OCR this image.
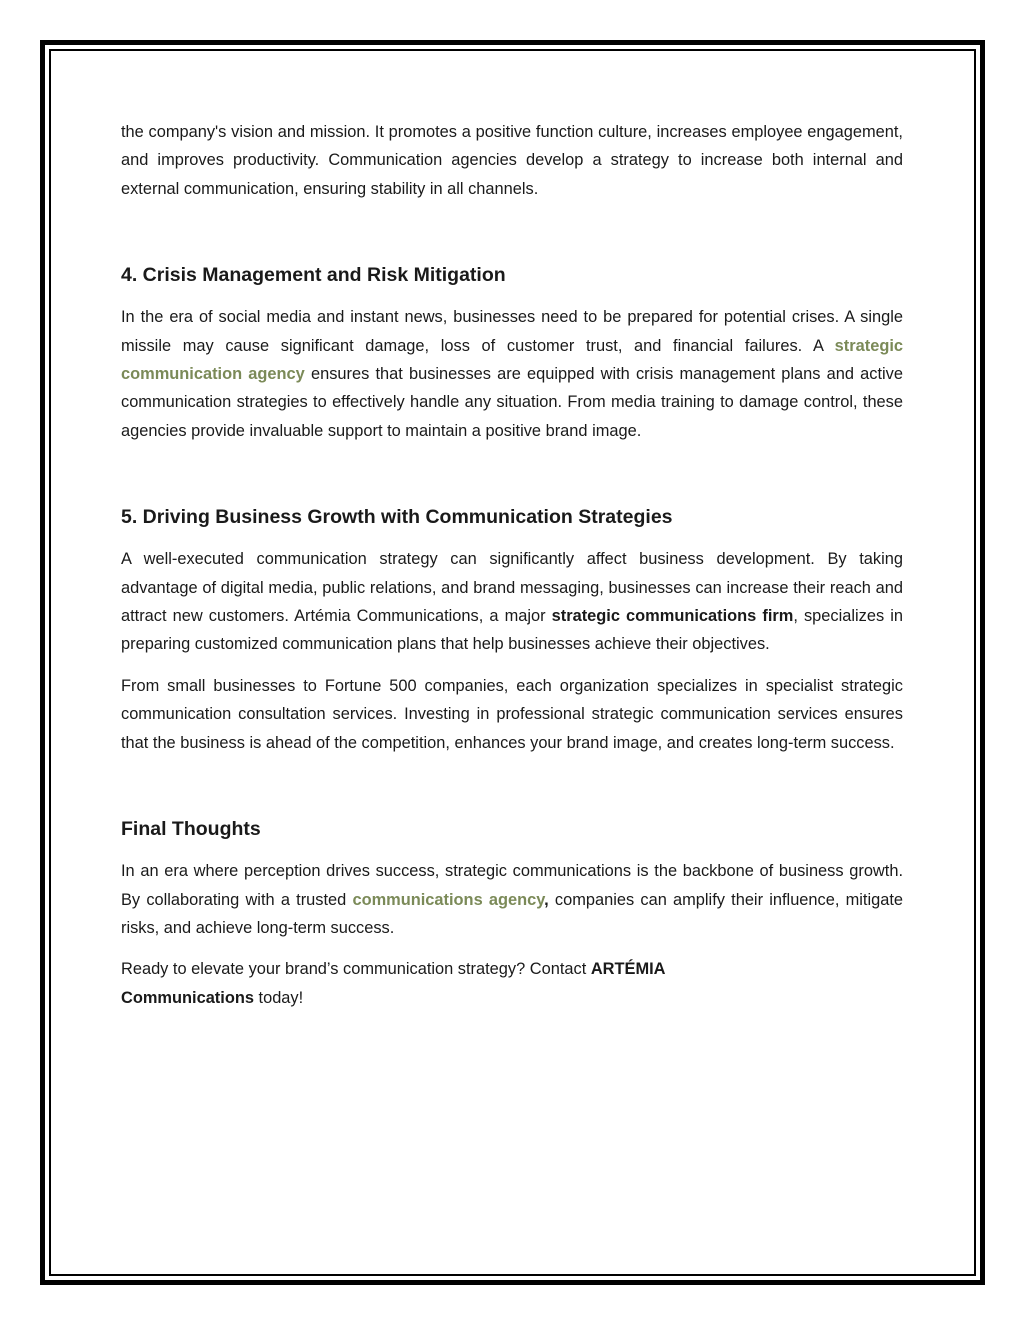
the company's vision and mission. It promotes a positive function culture, increases employee engagement, and improves productivity. Communication agencies develop a strategy to increase both internal and external communication, ensuring stability in all channels.

4. Crisis Management and Risk Mitigation

In the era of social media and instant news, businesses need to be prepared for potential crises. A single missile may cause significant damage, loss of customer trust, and financial failures. A strategic communication agency ensures that businesses are equipped with crisis management plans and active communication strategies to effectively handle any situation. From media training to damage control, these agencies provide invaluable support to maintain a positive brand image.

5. Driving Business Growth with Communication Strategies

A well-executed communication strategy can significantly affect business development. By taking advantage of digital media, public relations, and brand messaging, businesses can increase their reach and attract new customers. Artémia Communications, a major strategic communications firm, specializes in preparing customized communication plans that help businesses achieve their objectives.

From small businesses to Fortune 500 companies, each organization specializes in specialist strategic communication consultation services. Investing in professional strategic communication services ensures that the business is ahead of the competition, enhances your brand image, and creates long-term success.

Final Thoughts

In an era where perception drives success, strategic communications is the backbone of business growth. By collaborating with a trusted communications agency, companies can amplify their influence, mitigate risks, and achieve long-term success.

Ready to elevate your brand’s communication strategy? Contact ARTÉMIA
Communications today!
